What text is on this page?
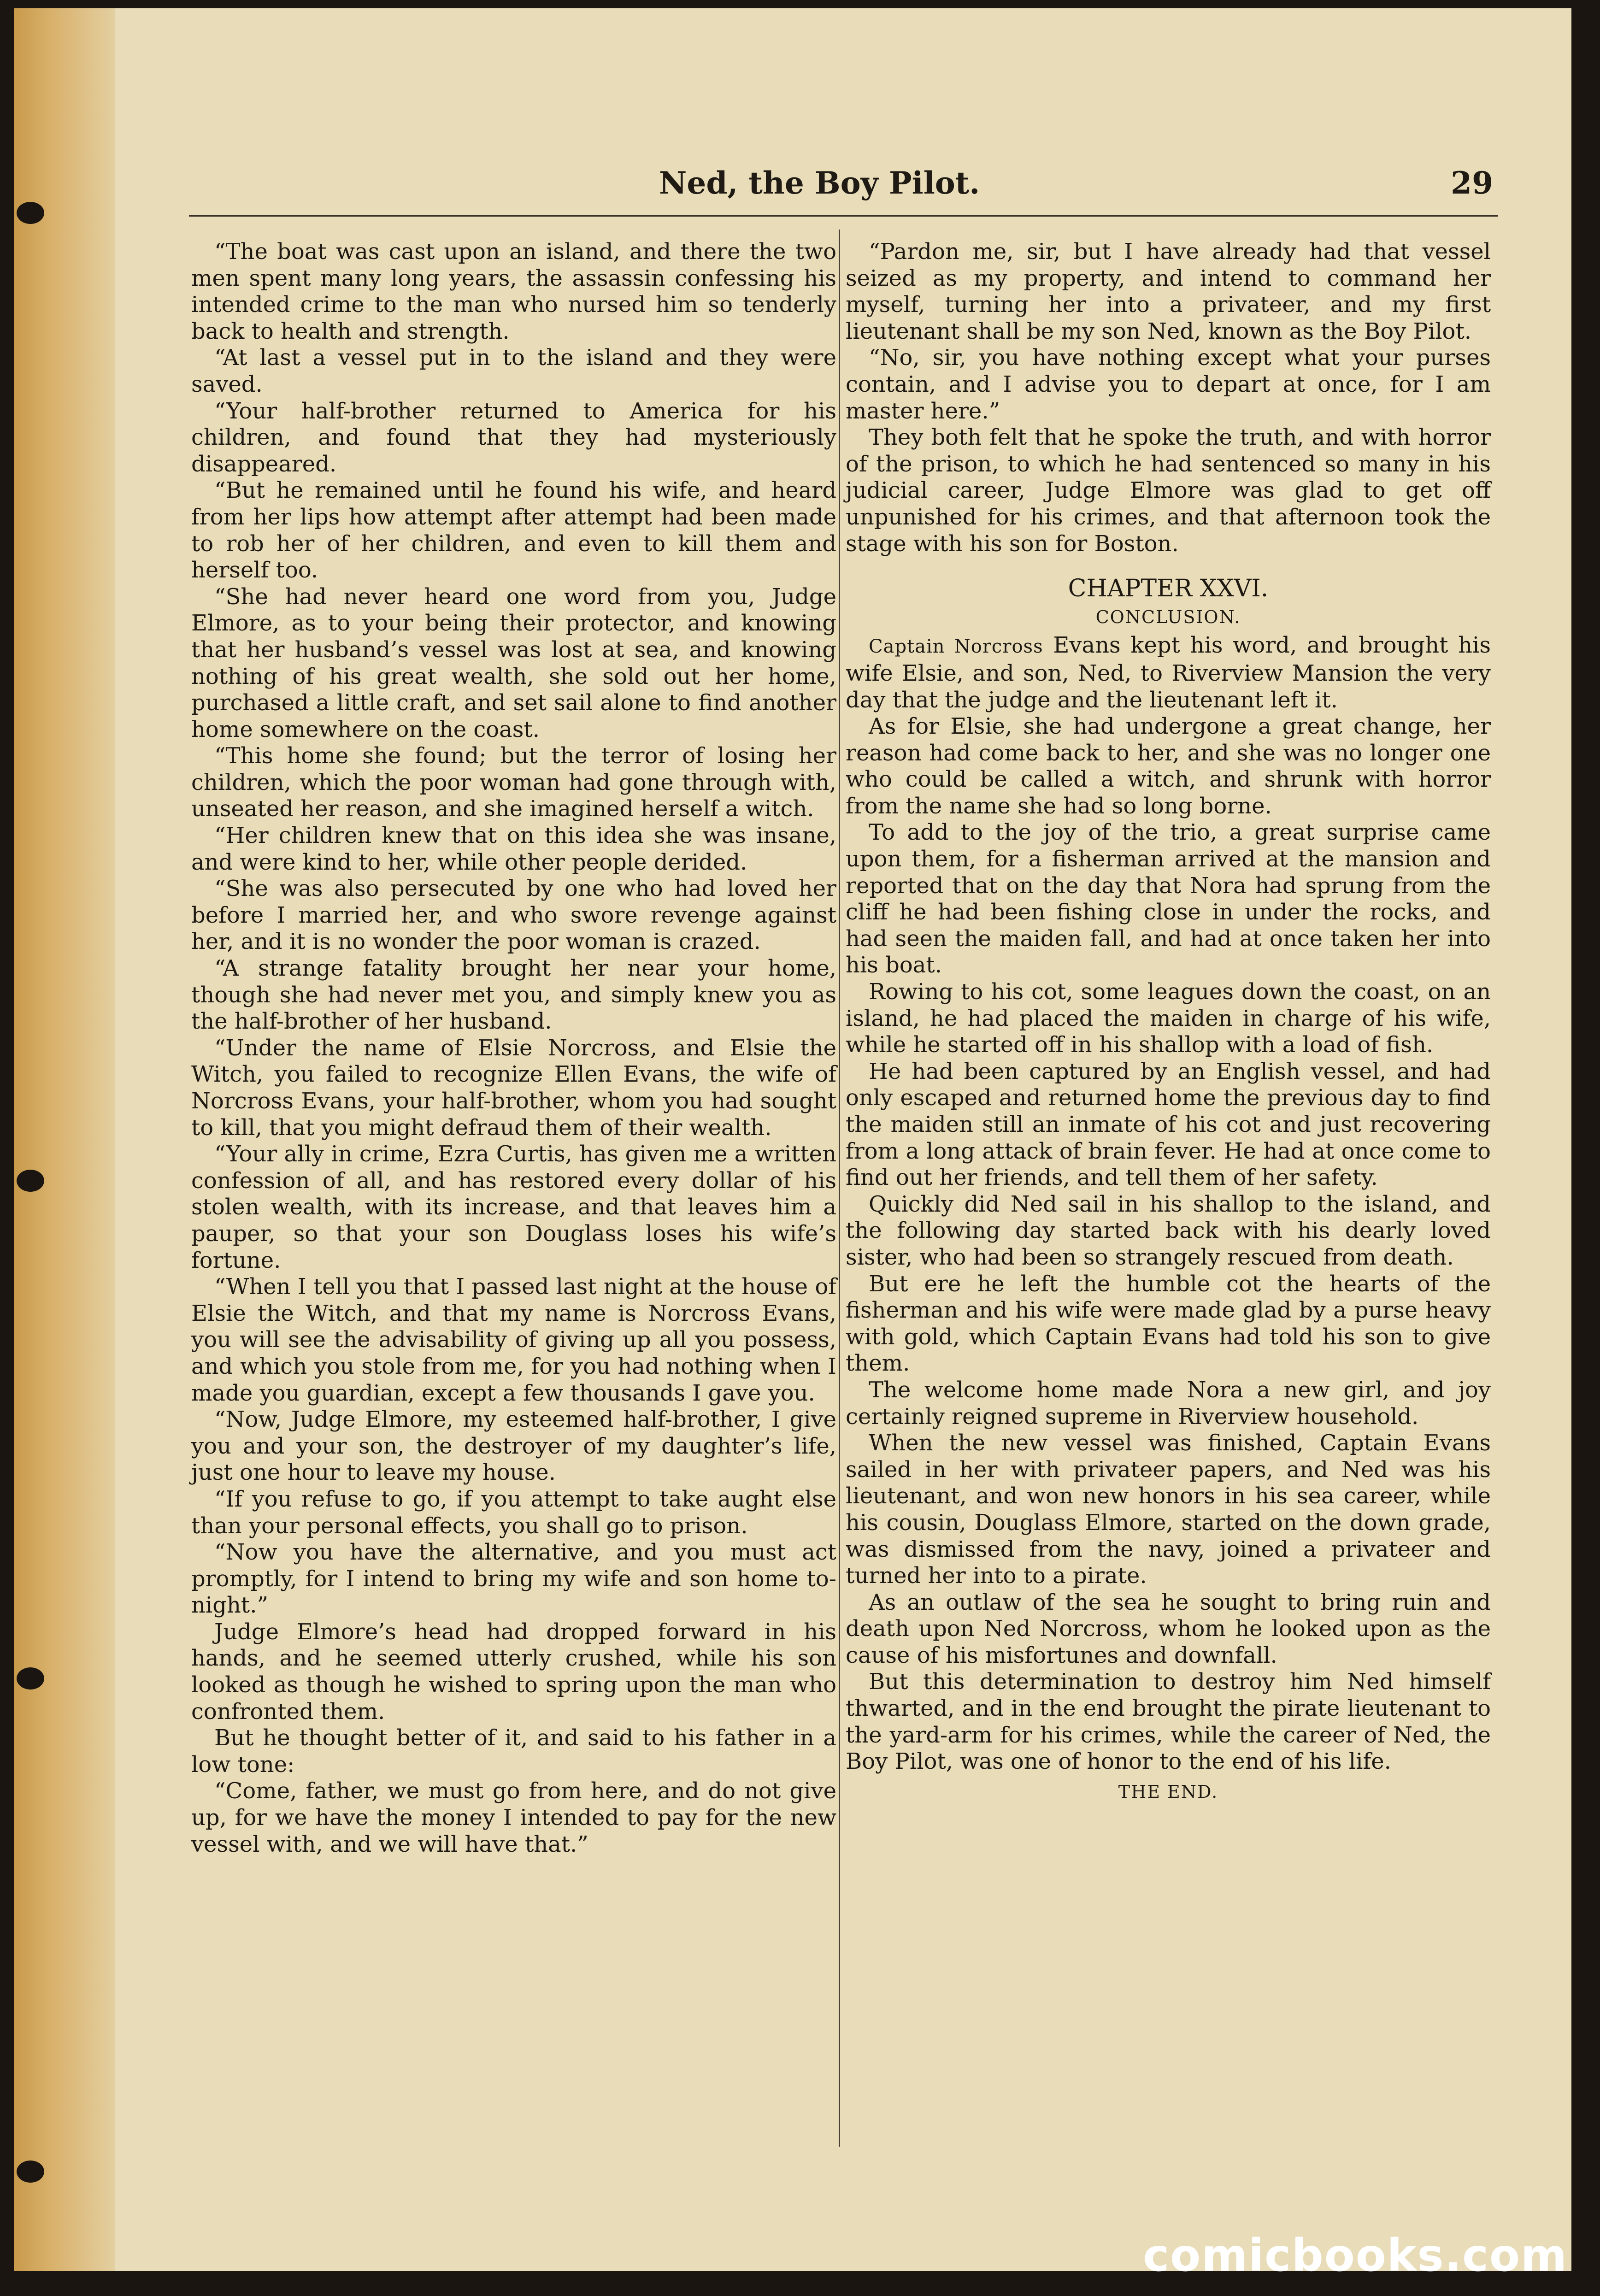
Ned, the Boy Pilot.	29

“The boat was cast upon an island, and there the two men spent many long years, the assassin confessing his intended crime to the man who nursed him so tenderly back to health and strength.

“At last a vessel put in to the island and they were saved.

“Your half-brother returned to America for his children, and found that they had mysteriously disappeared.

“But he remained until he found his wife, and heard from her lips how attempt after attempt had been made to rob her of her children, and even to kill them and herself too.

“She had never heard one word from you, Judge Elmore, as to your being their protector, and knowing that her husband’s vessel was lost at sea, and knowing nothing of his great wealth, she sold out her home, purchased a little craft, and set sail alone to find another home somewhere on the coast.

“This home she found; but the terror of losing her children, which the poor woman had gone through with, unseated her reason, and she imagined herself a witch.

“Her children knew that on this idea she was insane, and were kind to her, while other people derided.

“She was also persecuted by one who had loved her before I married her, and who swore revenge against her, and it is no wonder the poor woman is crazed.

“A strange fatality brought her near your home, though she had never met you, and simply knew you as the half-brother of her husband.

“Under the name of Elsie Norcross, and Elsie the Witch, you failed to recognize Ellen Evans, the wife of Norcross Evans, your half-brother, whom you had sought to kill, that you might defraud them of their wealth.

“Your ally in crime, Ezra Curtis, has given me a written confession of all, and has restored every dollar of his stolen wealth, with its increase, and that leaves him a pauper, so that your son Douglass loses his wife’s fortune.

“When I tell you that I passed last night at the house of Elsie the Witch, and that my name is Norcross Evans, you will see the advisability of giving up all you possess, and which you stole from me, for you had nothing when I made you guardian, except a few thousands I gave you.

“Now, Judge Elmore, my esteemed half-brother, I give you and your son, the destroyer of my daughter’s life, just one hour to leave my house.

“If you refuse to go, if you attempt to take aught else than your personal effects, you shall go to prison.

“Now you have the alternative, and you must act promptly, for I intend to bring my wife and son home to-night.”

Judge Elmore’s head had dropped forward in his hands, and he seemed utterly crushed, while his son looked as though he wished to spring upon the man who confronted them.

But he thought better of it, and said to his father in a low tone:

“Come, father, we must go from here, and do not give up, for we have the money I intended to pay for the new vessel with, and we will have that.”

“Pardon me, sir, but I have already had that vessel seized as my property, and intend to command her myself, turning her into a privateer, and my first lieutenant shall be my son Ned, known as the Boy Pilot.

“No, sir, you have nothing except what your purses contain, and I advise you to depart at once, for I am master here.”

They both felt that he spoke the truth, and with horror of the prison, to which he had sentenced so many in his judicial career, Judge Elmore was glad to get off unpunished for his crimes, and that afternoon took the stage with his son for Boston.

CHAPTER XXVI.
CONCLUSION.

Captain Norcross Evans kept his word, and brought his wife Elsie, and son, Ned, to Riverview Mansion the very day that the judge and the lieutenant left it.

As for Elsie, she had undergone a great change, her reason had come back to her, and she was no longer one who could be called a witch, and shrunk with horror from the name she had so long borne.

To add to the joy of the trio, a great surprise came upon them, for a fisherman arrived at the mansion and reported that on the day that Nora had sprung from the cliff he had been fishing close in under the rocks, and had seen the maiden fall, and had at once taken her into his boat.

Rowing to his cot, some leagues down the coast, on an island, he had placed the maiden in charge of his wife, while he started off in his shallop with a load of fish.

He had been captured by an English vessel, and had only escaped and returned home the previous day to find the maiden still an inmate of his cot and just recovering from a long attack of brain fever. He had at once come to find out her friends, and tell them of her safety.

Quickly did Ned sail in his shallop to the island, and the following day started back with his dearly loved sister, who had been so strangely rescued from death.

But ere he left the humble cot the hearts of the fisherman and his wife were made glad by a purse heavy with gold, which Captain Evans had told his son to give them.

The welcome home made Nora a new girl, and joy certainly reigned supreme in Riverview household.

When the new vessel was finished, Captain Evans sailed in her with privateer papers, and Ned was his lieutenant, and won new honors in his sea career, while his cousin, Douglass Elmore, started on the down grade, was dismissed from the navy, joined a privateer and turned her into to a pirate.

As an outlaw of the sea he sought to bring ruin and death upon Ned Norcross, whom he looked upon as the cause of his misfortunes and downfall.

But this determination to destroy him Ned himself thwarted, and in the end brought the pirate lieutenant to the yard-arm for his crimes, while the career of Ned, the Boy Pilot, was one of honor to the end of his life.

THE END.
comicbooks.com
